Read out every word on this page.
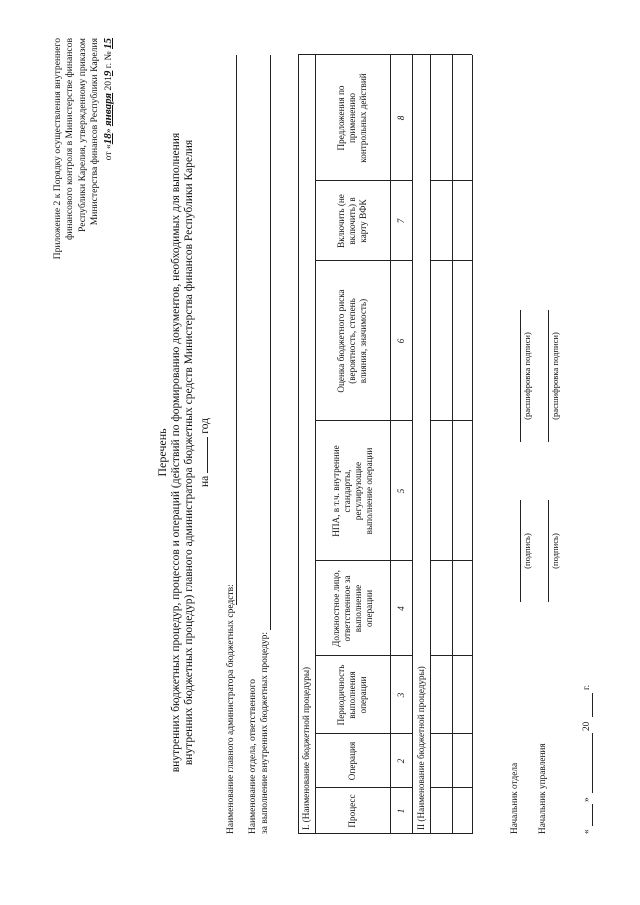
Приложение 2 к Порядку осуществления внутреннего финансового контроля в Министерстве финансов Республики Карелия, утвержденному приказом Министерства финансов Республики Карелия от «18» января 2019 г. № 15
Перечень внутренних бюджетных процедур, процессов и операций (действий по формированию документов, необходимых для выполнения внутренних бюджетных процедур) главного администратора бюджетных средств Министерства финансов Республики Карелия нагод
Наименование главного администратора бюджетных средств: Наименование отдела, ответственного за выполнение внутренних бюджетных процедур:	I. (Наименование бюджетной процедуры)	II (Наименование бюджетной процедуры)
Процесс
Операция
Периодичность выполнения операции
Должностное лицо, ответственное за выполнение операции
НПА, в т.ч. внутренние стандарты, регулирующие выполнение операции
Оценка бюджетного риска (вероятность, степень влияния, значимость)
Включить (не включить) в карту ВФК
Предложения по применению контрольных действий
1
2
3
4
5
6
7
8
Начальник отдела
(подпись)
(расшифровка подписи)
Начальник управления
(подпись)
(расшифровка подписи)
«
»
20
г.
